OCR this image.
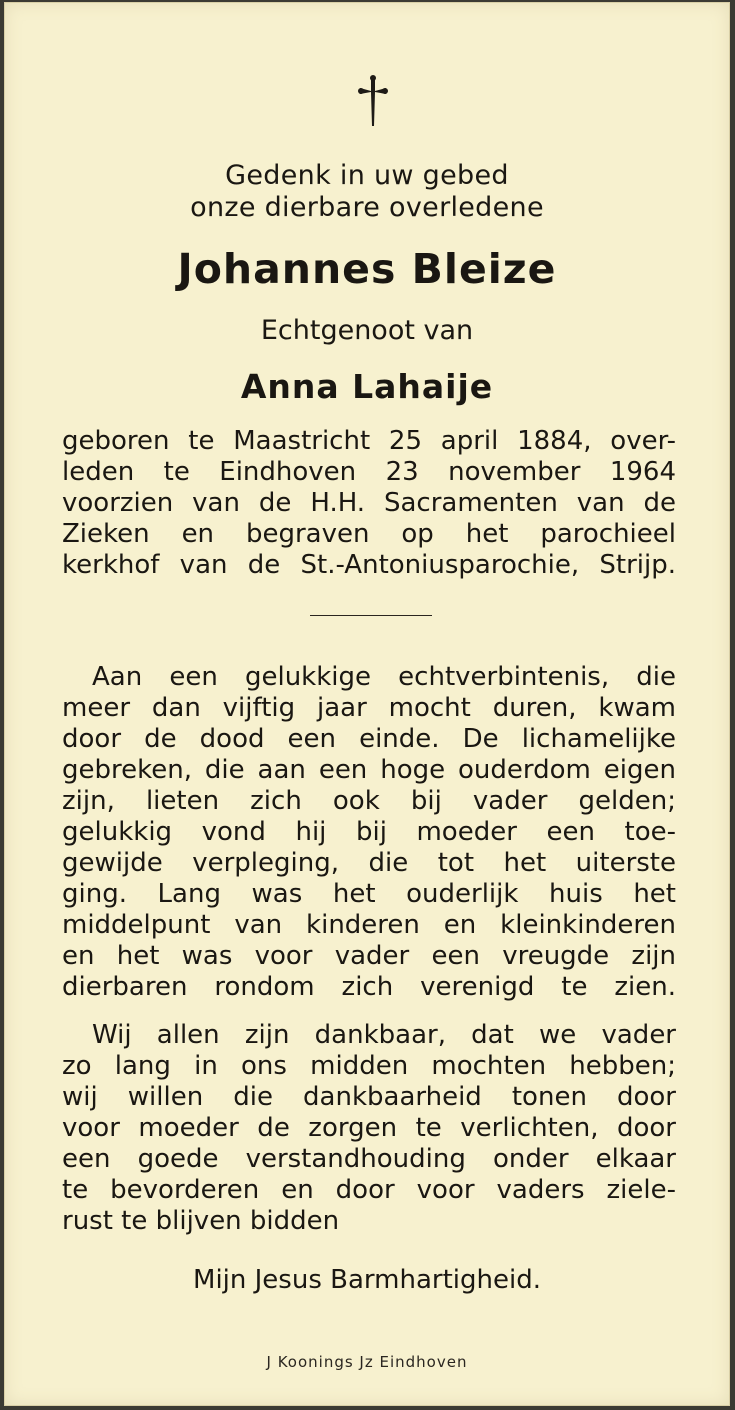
Gedenk in uw gebed
onze dierbare overledene
Johannes Bleize
Echtgenoot van
Anna Lahaije
geboren te Maastricht 25 april 1884, over-
leden te Eindhoven 23 november 1964
voorzien van de H.H. Sacramenten van de
Zieken en begraven op het parochieel
kerkhof van de St.-Antoniusparochie, Strijp.
Aan een gelukkige echtverbintenis, die
meer dan vijftig jaar mocht duren, kwam
door de dood een einde. De lichamelijke
gebreken, die aan een hoge ouderdom eigen
zijn, lieten zich ook bij vader gelden;
gelukkig vond hij bij moeder een toe-
gewijde verpleging, die tot het uiterste
ging. Lang was het ouderlijk huis het
middelpunt van kinderen en kleinkinderen
en het was voor vader een vreugde zijn
dierbaren rondom zich verenigd te zien.
Wij allen zijn dankbaar, dat we vader
zo lang in ons midden mochten hebben;
wij willen die dankbaarheid tonen door
voor moeder de zorgen te verlichten, door
een goede verstandhouding onder elkaar
te bevorderen en door voor vaders ziele-
rust te blijven bidden
Mijn Jesus Barmhartigheid.
J Koonings Jz Eindhoven
